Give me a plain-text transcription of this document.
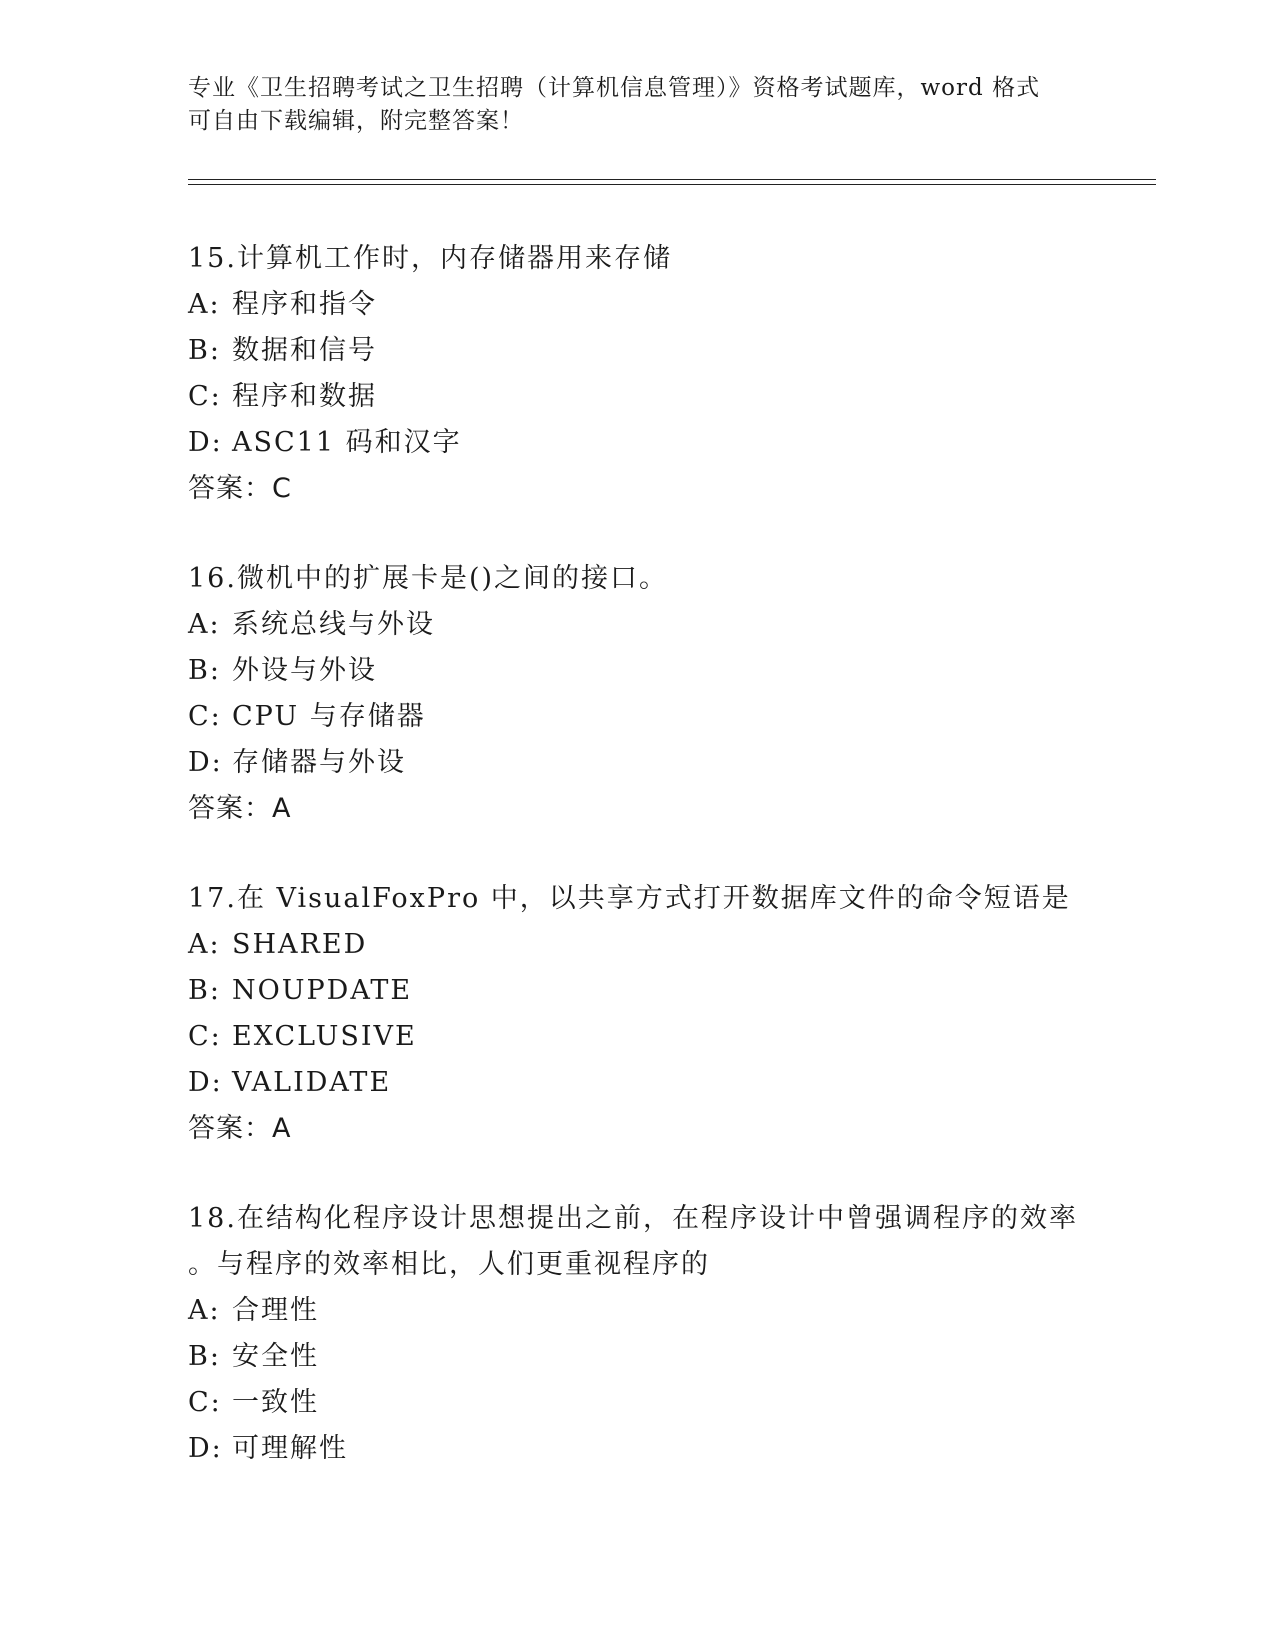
专业《卫生招聘考试之卫生招聘（计算机信息管理）》资格考试题库，word 格式
可自由下载编辑，附完整答案！
15.计算机工作时，内存储器用来存储
A: 程序和指令
B: 数据和信号
C: 程序和数据
D: ASC11 码和汉字
答案：C
16.微机中的扩展卡是()之间的接口。
A: 系统总线与外设
B: 外设与外设
C: CPU 与存储器
D: 存储器与外设
答案：A
17.在 VisualFoxPro 中，以共享方式打开数据库文件的命令短语是
A: SHARED
B: NOUPDATE
C: EXCLUSIVE
D: VALIDATE
答案：A
18.在结构化程序设计思想提出之前，在程序设计中曾强调程序的效率
。与程序的效率相比，人们更重视程序的
A: 合理性
B: 安全性
C: 一致性
D: 可理解性
